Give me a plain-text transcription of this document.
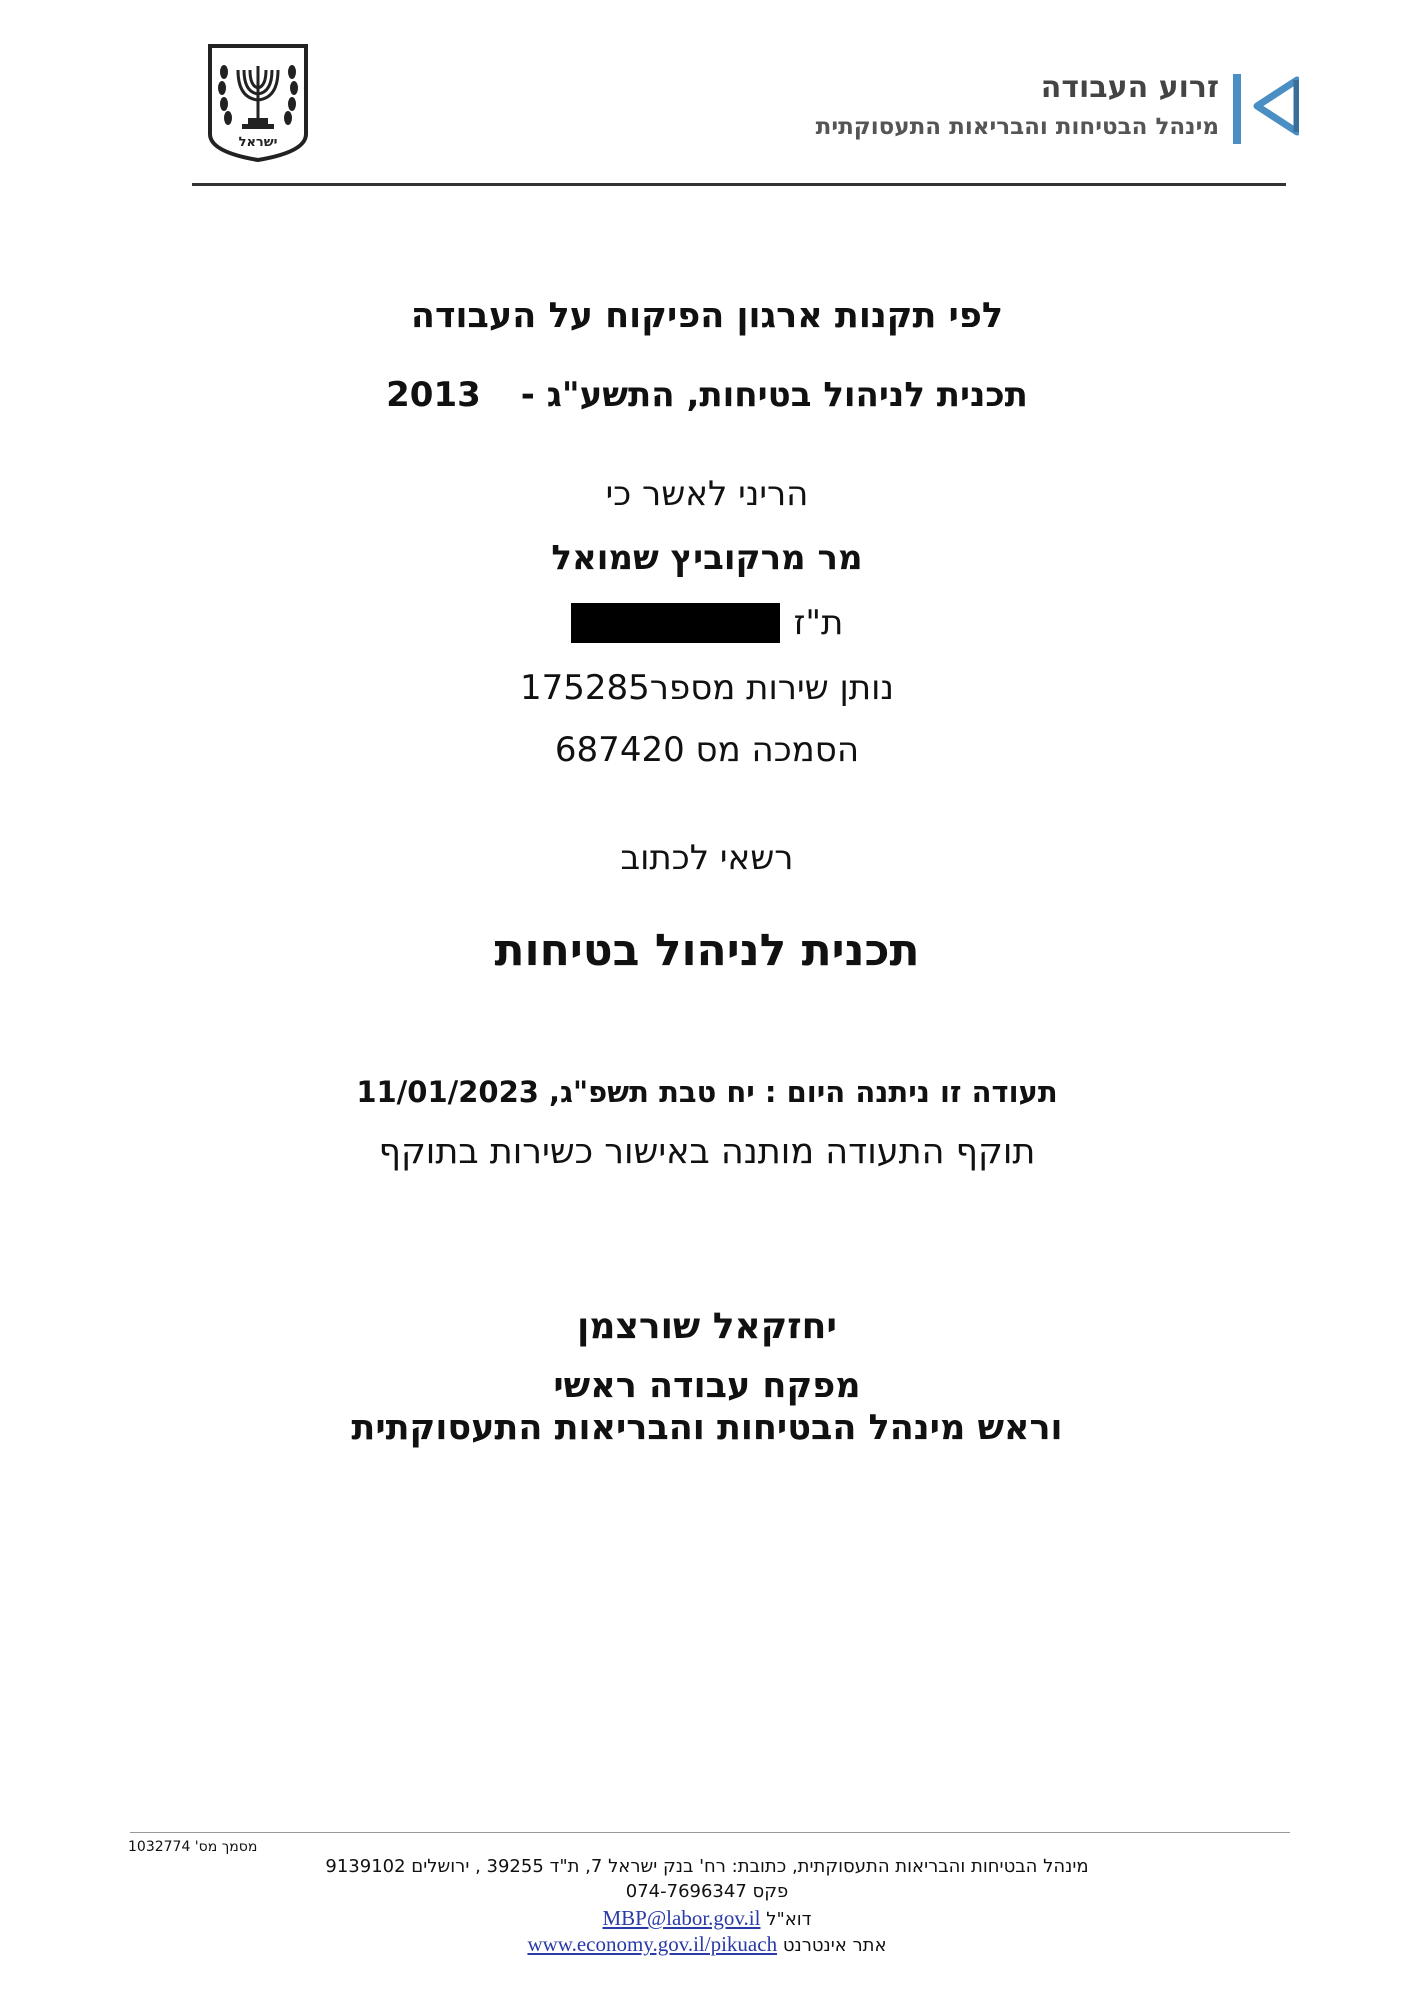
ישראל
זרוע העבודה
מינהל הבטיחות והבריאות התעסוקתית
לפי תקנות ארגון הפיקוח על העבודה
תכנית לניהול בטיחות, התשע"ג -2013
הריני לאשר כי
מר מרקוביץ שמואל
ת"ז39942669
נותן שירות מספר175285
הסמכה מס 687420
רשאי לכתוב
תכנית לניהול בטיחות
תעודה זו ניתנה היום : יח טבת תשפ"ג, 11/01/2023
תוקף התעודה מותנה באישור כשירות בתוקף
יחזקאל שורצמן
מפקח עבודה ראשי
וראש מינהל הבטיחות והבריאות התעסוקתית
מסמך מס' 1032774
מינהל הבטיחות והבריאות התעסוקתית, כתובת: רח' בנק ישראל 7, ת"ד 39255 , ירושלים 9139102
פקס 074-7696347
דוא"ל MBP@labor.gov.il
אתר אינטרנט www.economy.gov.il/pikuach
